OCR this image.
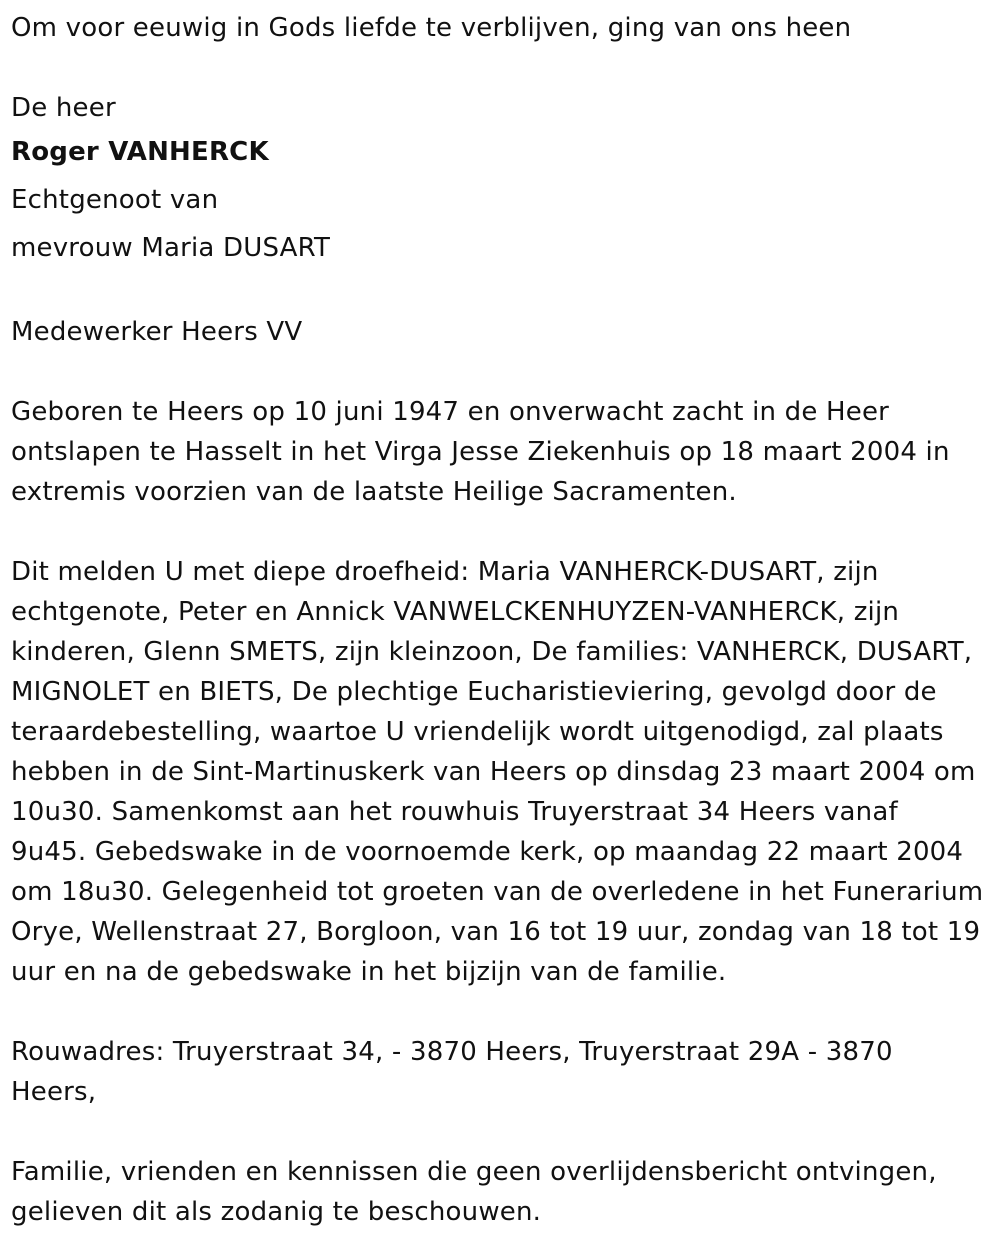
Om voor eeuwig in Gods liefde te verblijven, ging van ons heen

De heer

Roger VANHERCK

Echtgenoot van

mevrouw Maria DUSART

Medewerker Heers VV

Geboren te Heers op 10 juni 1947 en onverwacht zacht in de Heer

ontslapen te Hasselt in het Virga Jesse Ziekenhuis op 18 maart 2004 in

extremis voorzien van de laatste Heilige Sacramenten.

Dit melden U met diepe droefheid: Maria VANHERCK-DUSART, zijn

echtgenote, Peter en Annick VANWELCKENHUYZEN-VANHERCK, zijn

kinderen, Glenn SMETS, zijn kleinzoon, De families: VANHERCK, DUSART,

MIGNOLET en BIETS, De plechtige Eucharistieviering, gevolgd door de

teraardebestelling, waartoe U vriendelijk wordt uitgenodigd, zal plaats

hebben in de Sint-Martinuskerk van Heers op dinsdag 23 maart 2004 om

10u30. Samenkomst aan het rouwhuis Truyerstraat 34 Heers vanaf

9u45. Gebedswake in de voornoemde kerk, op maandag 22 maart 2004

om 18u30. Gelegenheid tot groeten van de overledene in het Funerarium

Orye, Wellenstraat 27, Borgloon, van 16 tot 19 uur, zondag van 18 tot 19

uur en na de gebedswake in het bijzijn van de familie.

Rouwadres: Truyerstraat 34, - 3870 Heers, Truyerstraat 29A - 3870

Heers,

Familie, vrienden en kennissen die geen overlijdensbericht ontvingen,

gelieven dit als zodanig te beschouwen.
